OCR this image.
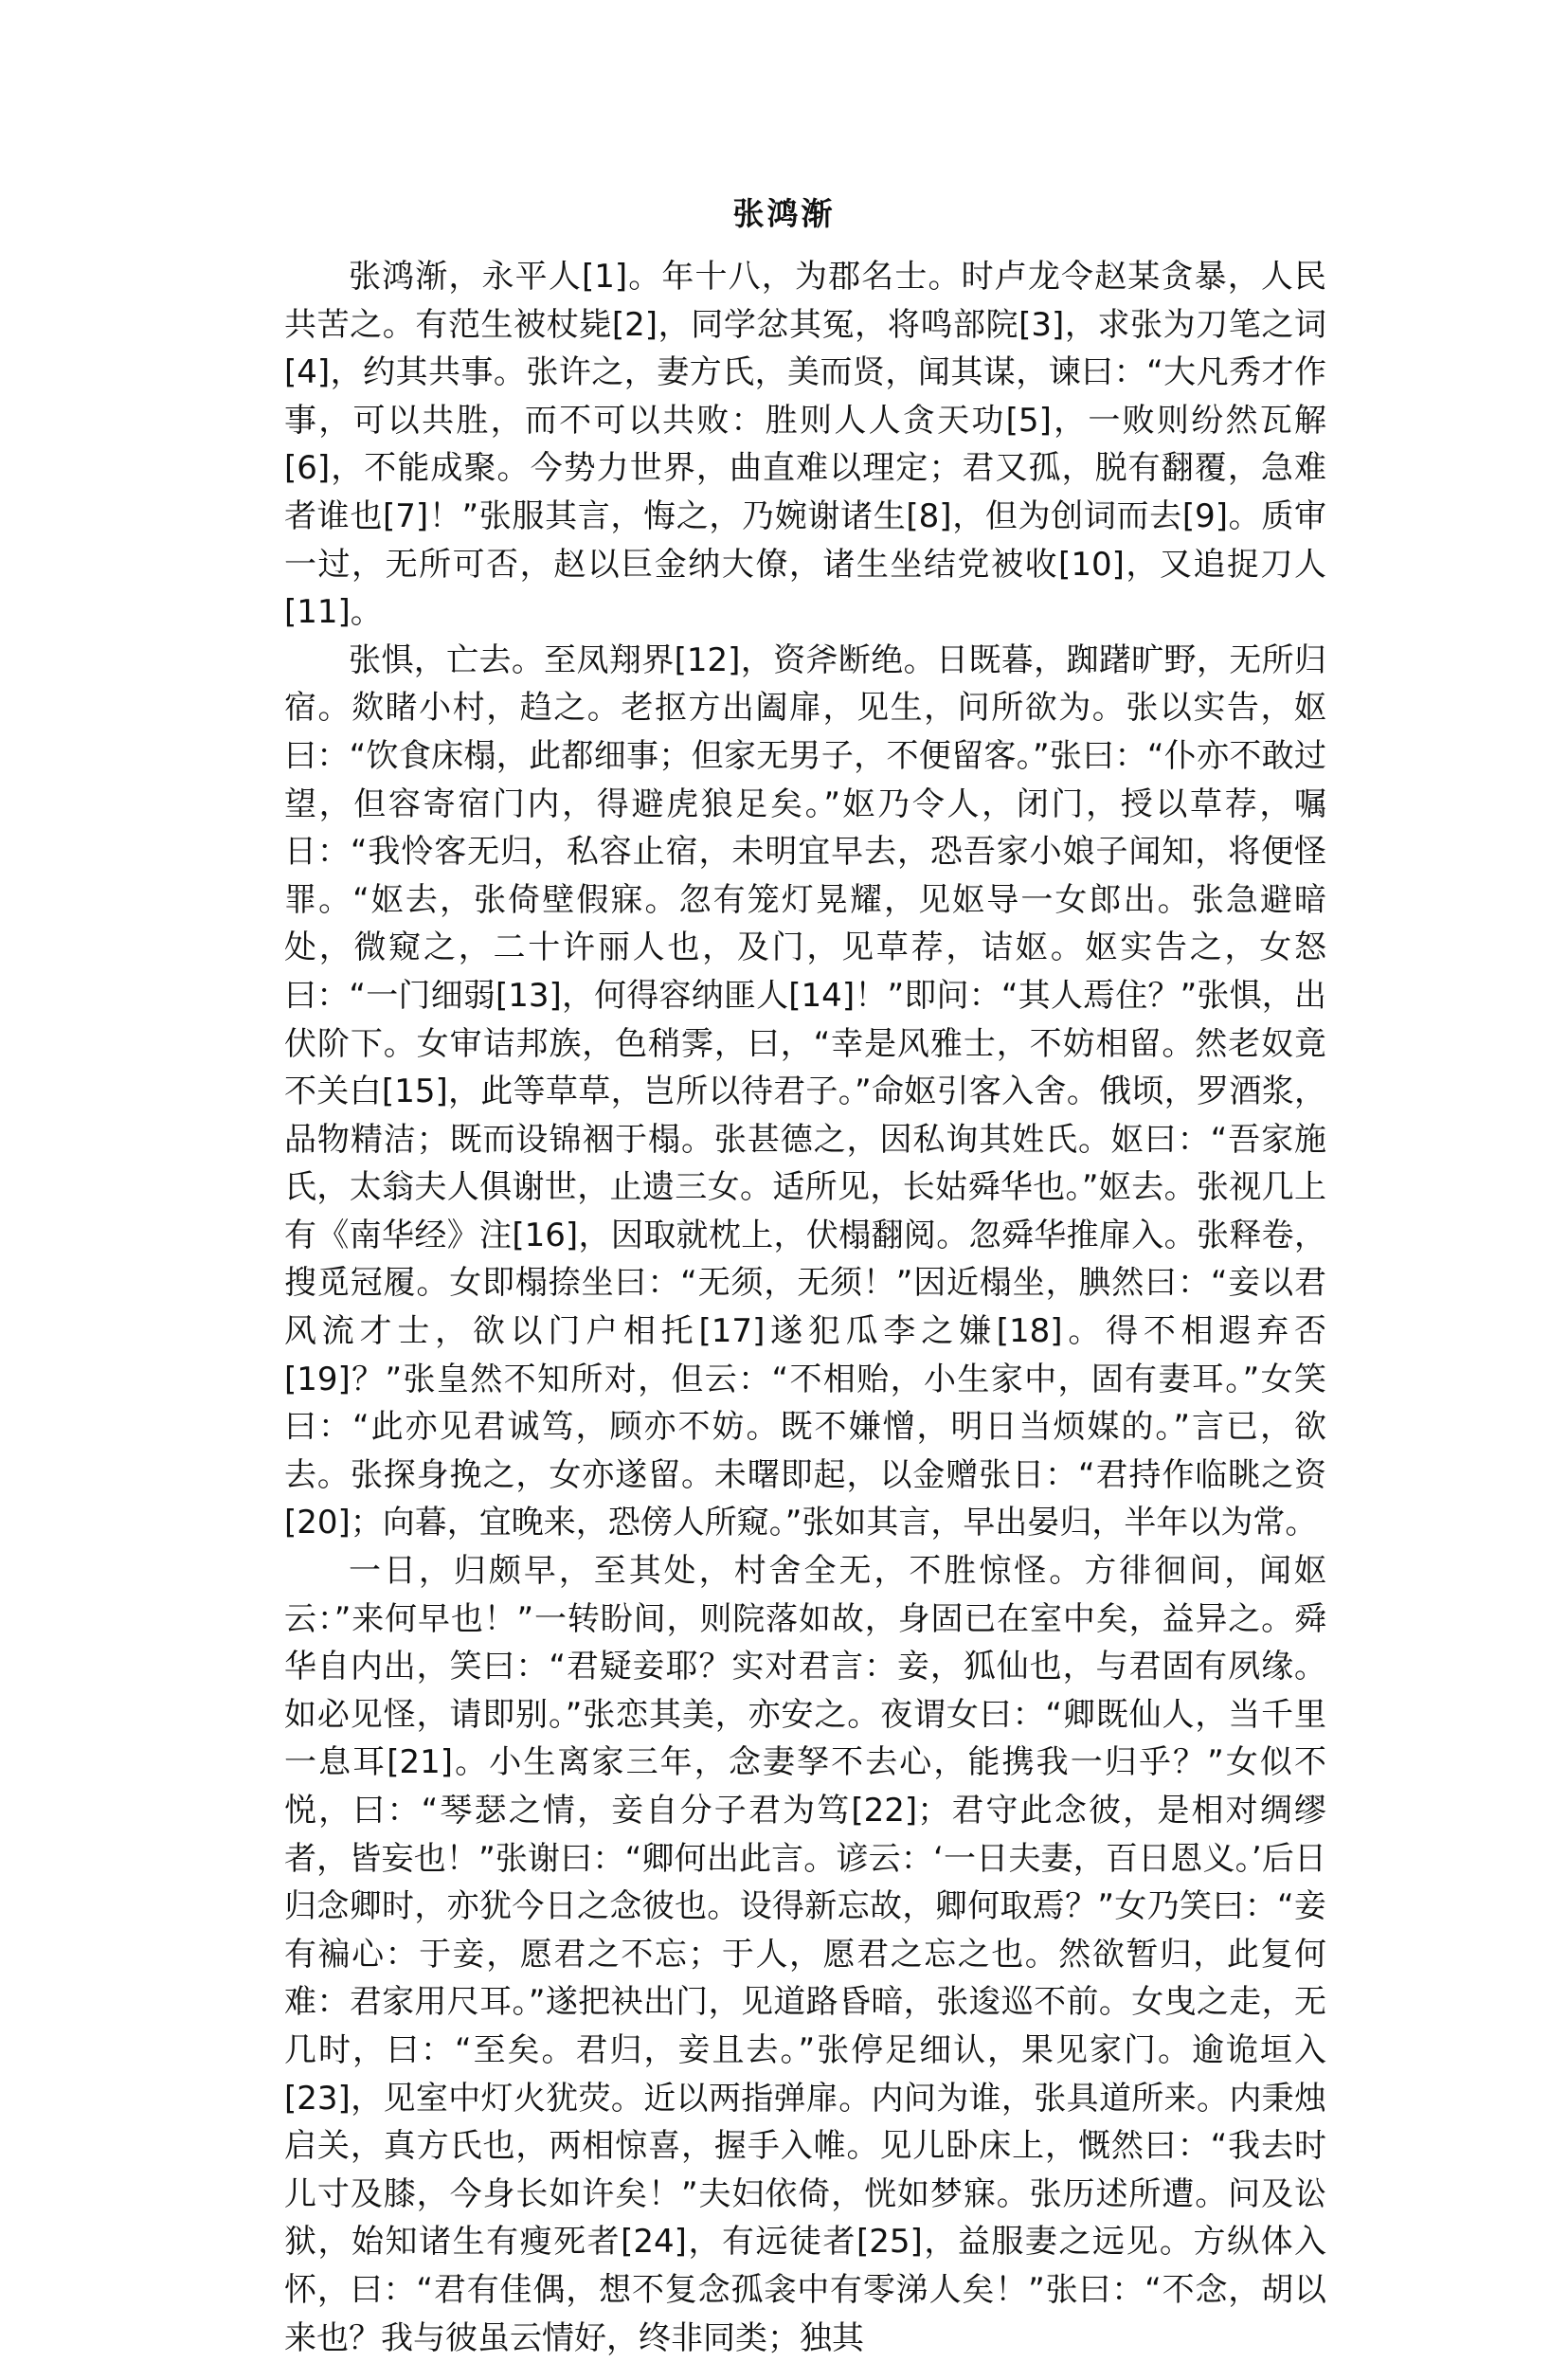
张鸿渐

张鸿渐，永平人[1]。年十八，为郡名士。时卢龙令赵某贪暴，人民共苦之。有范生被杖毙[2]，同学忿其冤，将鸣部院[3]，求张为刀笔之词[4]，约其共事。张许之，妻方氏，美而贤，闻其谋，谏曰：“大凡秀才作事，可以共胜，而不可以共败：胜则人人贪天功[5]，一败则纷然瓦解[6]，不能成聚。今势力世界，曲直难以理定；君又孤，脱有翻覆，急难者谁也[7]！”张服其言，悔之，乃婉谢诸生[8]，但为创词而去[9]。质审一过，无所可否，赵以巨金纳大僚，诸生坐结党被收[10]，又追捉刀人[11]。

张惧，亡去。至凤翔界[12]，资斧断绝。日既暮，踟躇旷野，无所归宿。欻睹小村，趋之。老抠方出阖扉，见生，问所欲为。张以实告，妪曰：“饮食床榻，此都细事；但家无男子，不便留客。”张曰：“仆亦不敢过望，但容寄宿门内，得避虎狼足矣。”妪乃令人，闭门，授以草荐，嘱日：“我怜客无归，私容止宿，未明宜早去，恐吾家小娘子闻知，将便怪罪。“妪去，张倚壁假寐。忽有笼灯晃耀，见妪导一女郎出。张急避暗处，微窥之，二十许丽人也，及门，见草荐，诘妪。妪实告之，女怒曰：“一门细弱[13]，何得容纳匪人[14]！”即问：“其人焉住？”张惧，出伏阶下。女审诘邦族，色稍霁，曰，“幸是风雅士，不妨相留。然老奴竟不关白[15]，此等草草，岂所以待君子。”命妪引客入舍。俄顷，罗酒浆，品物精洁；既而设锦裀于榻。张甚德之，因私询其姓氏。妪曰：“吾家施氏，太翁夫人俱谢世，止遗三女。适所见，长姑舜华也。”妪去。张视几上有《南华经》注[16]，因取就枕上，伏榻翻阅。忽舜华推扉入。张释卷，搜觅冠履。女即榻捺坐曰：“无须，无须！”因近榻坐，腆然曰：“妾以君风流才士，欲以门户相托[17]遂犯瓜李之嫌[18]。得不相遐弃否[19]？”张皇然不知所对，但云：“不相贻，小生家中，固有妻耳。”女笑曰：“此亦见君诚笃，顾亦不妨。既不嫌憎，明日当烦媒的。”言已，欲去。张探身挽之，女亦遂留。未曙即起，以金赠张日：“君持作临眺之资[20]；向暮，宜晚来，恐傍人所窥。”张如其言，早出晏归，半年以为常。

一日，归颇早，至其处，村舍全无，不胜惊怪。方徘徊间，闻妪云：”来何早也！”一转盼间，则院落如故，身固已在室中矣，益异之。舜华自内出，笑曰：“君疑妾耶？实对君言：妾，狐仙也，与君固有夙缘。如必见怪，请即别。”张恋其美，亦安之。夜谓女曰：“卿既仙人，当千里一息耳[21]。小生离家三年，念妻孥不去心，能携我一归乎？”女似不悦，曰：“琴瑟之情，妾自分子君为笃[22]；君守此念彼，是相对绸缪者，皆妄也！”张谢曰：“卿何出此言。谚云：‘一日夫妻，百日恩义。’后日归念卿时，亦犹今日之念彼也。设得新忘故，卿何取焉？”女乃笑曰：“妾有褊心：于妾，愿君之不忘；于人，愿君之忘之也。然欲暂归，此复何难：君家用尺耳。”遂把袂出门，见道路昏暗，张逡巡不前。女曳之走，无几时，曰：“至矣。君归，妾且去。”张停足细认，果见家门。逾诡垣入[23]，见室中灯火犹荧。近以两指弹扉。内问为谁，张具道所来。内秉烛启关，真方氏也，两相惊喜，握手入帷。见儿卧床上，慨然曰：“我去时儿寸及膝，今身长如许矣！”夫妇依倚，恍如梦寐。张历述所遭。问及讼狱，始知诸生有瘦死者[24]，有远徒者[25]，益服妻之远见。方纵体入怀，曰：“君有佳偶，想不复念孤衾中有零涕人矣！”张曰：“不念，胡以来也？我与彼虽云情好，终非同类；独其
